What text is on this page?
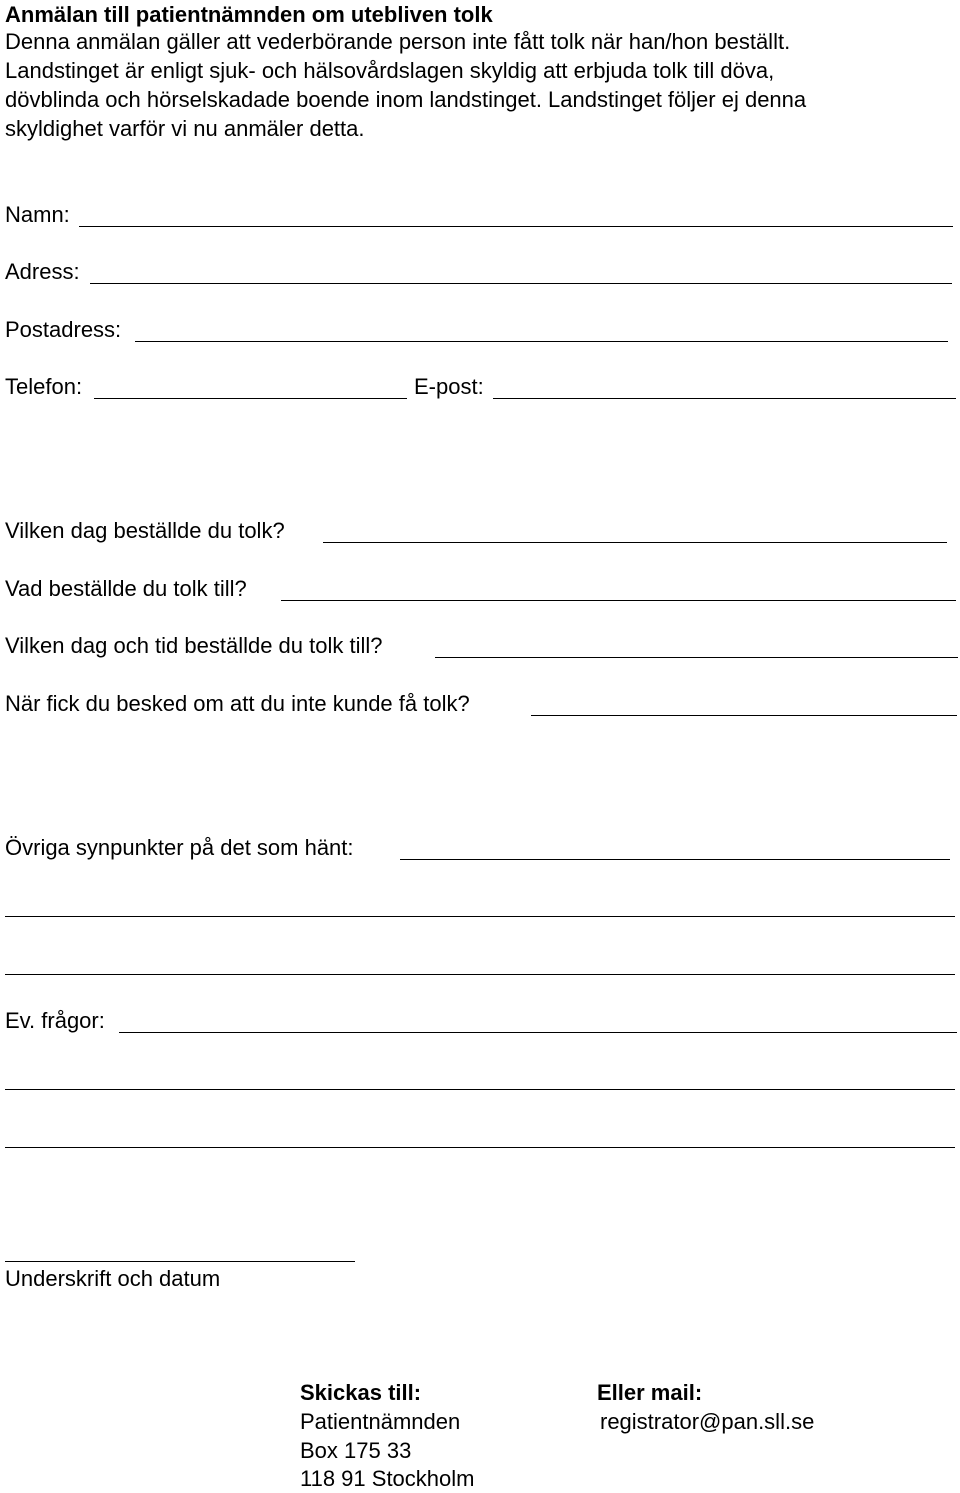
Anmälan till patientnämnden om utebliven tolk
Denna anmälan gäller att vederbörande person inte fått tolk när han/hon beställt.
Landstinget är enligt sjuk- och hälsovårdslagen skyldig att erbjuda tolk till döva,
dövblinda och hörselskadade boende inom landstinget. Landstinget följer ej denna
skyldighet varför vi nu anmäler detta.
Namn:
Adress:
Postadress:
Telefon:	E-post:
Vilken dag beställde du tolk?
Vad beställde du tolk till?
Vilken dag och tid beställde du tolk till?
När fick du besked om att du inte kunde få tolk?
Övriga synpunkter på det som hänt:
Ev. frågor:
Underskrift och datum
Skickas till:
Patientnämnden
Box 175 33
118 91 Stockholm
Eller mail:
registrator@pan.sll.se
